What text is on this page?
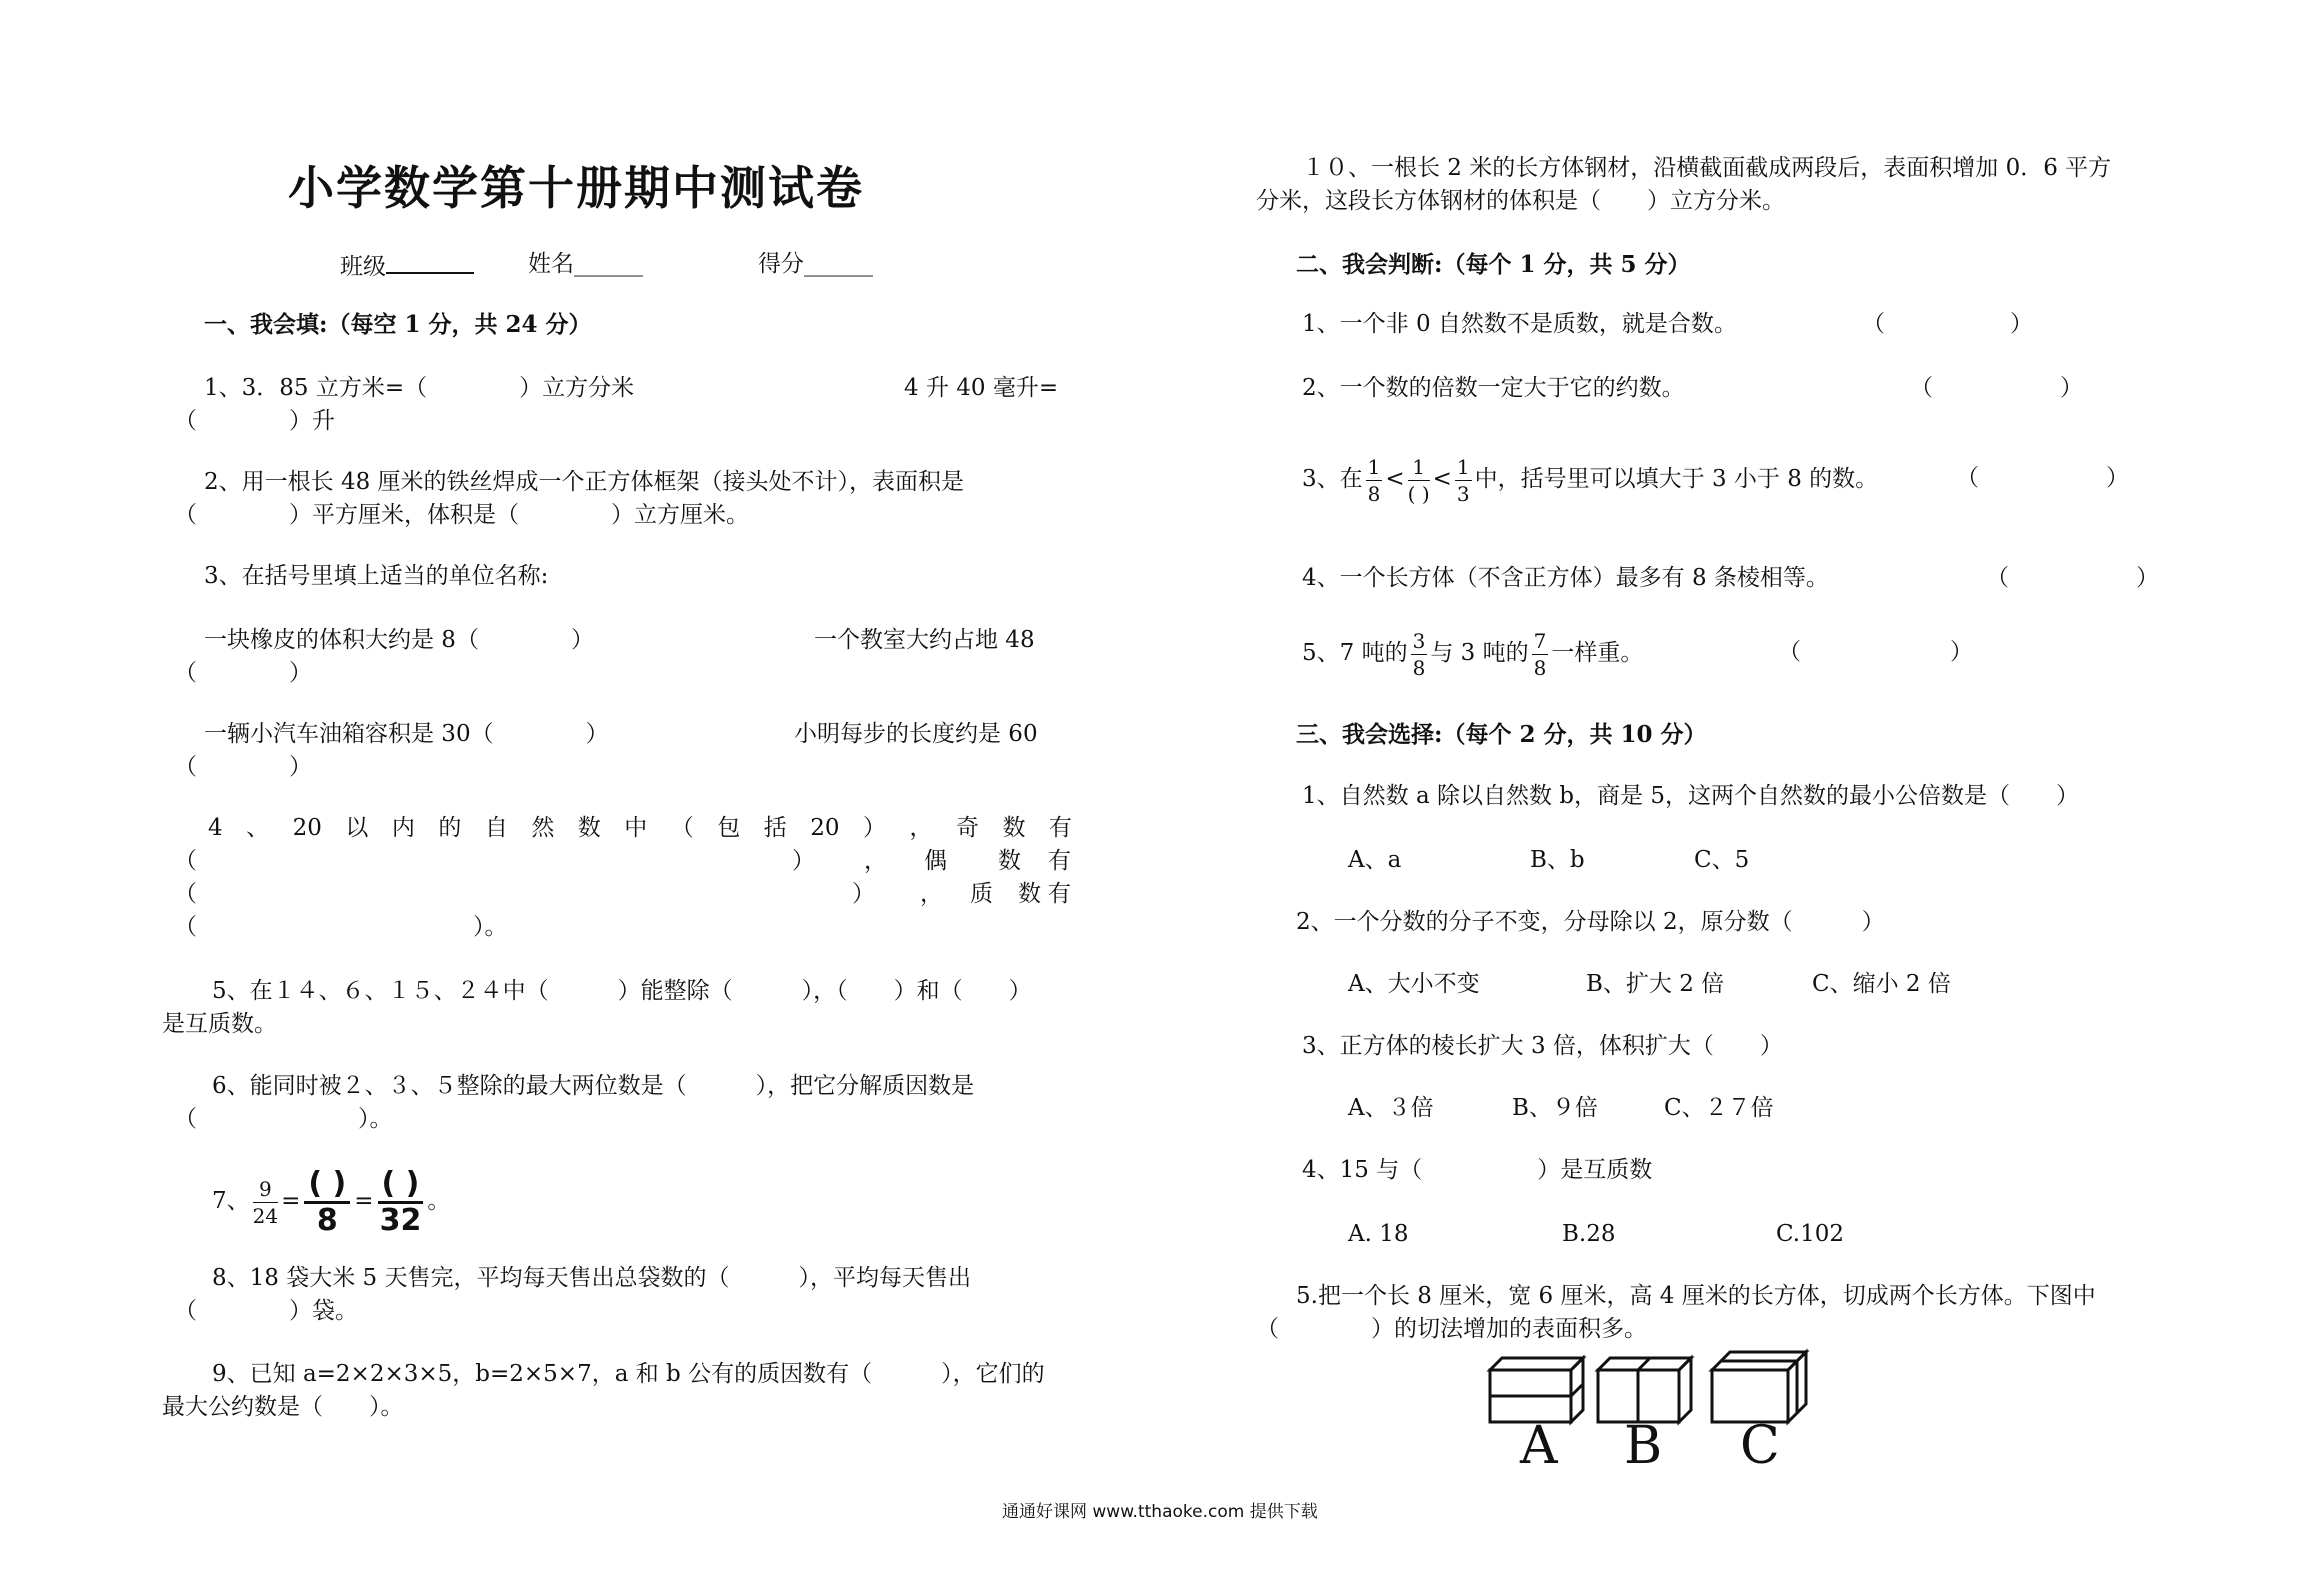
小学数学第十册期中测试卷
班级	姓名______	得分______
一、我会填:（每空 1 分，共 24 分）
1、3．85 立方米=（　　　　）立方分米	4 升 40 毫升=
（　　　　）升
2、用一根长 48 厘米的铁丝焊成一个正方体框架（接头处不计），表面积是
（　　　　）平方厘米，体积是（　　　　）立方厘米。
3、在括号里填上适当的单位名称:
一块橡皮的体积大约是 8（　　　　）	一个教室大约占地 48
（　　　　）
一辆小汽车油箱容积是 30（　　　　）	小明每步的长度约是 60
（　　　　）
4 、 20 以 内 的 自 然 数 中 （ 包 括 20 ） ， 奇 数 有
（	） ， 偶 数 有
（	） ， 质 数 有
（　　　　　　　　　　　　）。
5、在１４、６、１５、２４中（　　　）能整除（　　　），（　　）和（　　）
是互质数。
6、能同时被２、３、５整除的最大两位数是（　　　），把它分解质因数是
（　　　　　　　）。
7、 $\frac{9}{24}$ =
( )
8
=
( )
32
。
8、18 袋大米 5 天售完，平均每天售出总袋数的（　　　），平均每天售出
（　　　　）袋。
9、已知 a=2×2×3×5，b=2×5×7，a 和 b 公有的质因数有（　　　），它们的
最大公约数是（　　）。
１０、一根长 2 米的长方体钢材，沿横截面截成两段后，表面积增加 0．6 平方
分米，这段长方体钢材的体积是（　　）立方分米。
二、我会判断:（每个 1 分，共 5 分）
1、一个非 0 自然数不是质数，就是合数。	（	）
2、一个数的倍数一定大于它的约数。	（	）
3、在 $\frac{1}{8} < \frac{1}{( )} < \frac{1}{3}$ 中，括号里可以填大于 3 小于 8 的数。	（	）
4、一个长方体（不含正方体）最多有 8 条棱相等。	（	）
5、7 吨的 $\frac{3}{8}$ 与 3 吨的 $\frac{7}{8}$ 一样重。	（	）
三、我会选择:（每个 2 分，共 10 分）
1、自然数 a 除以自然数 b，商是 5，这两个自然数的最小公倍数是（　　）
A、a	B、b	C、5
2、一个分数的分子不变，分母除以 2，原分数（　　　）
A、大小不变	B、扩大 2 倍	C、缩小 2 倍
3、正方体的棱长扩大 3 倍，体积扩大（　　）
A、３倍	B、９倍	C、２７倍
4、15 与（　　　　　）是互质数
A. 18	B.28	C.102
5.把一个长 8 厘米，宽 6 厘米，高 4 厘米的长方体，切成两个长方体。下图中
（　　　　）的切法增加的表面积多。
A B C
通通好课网 www.tthaoke.com 提供下载
